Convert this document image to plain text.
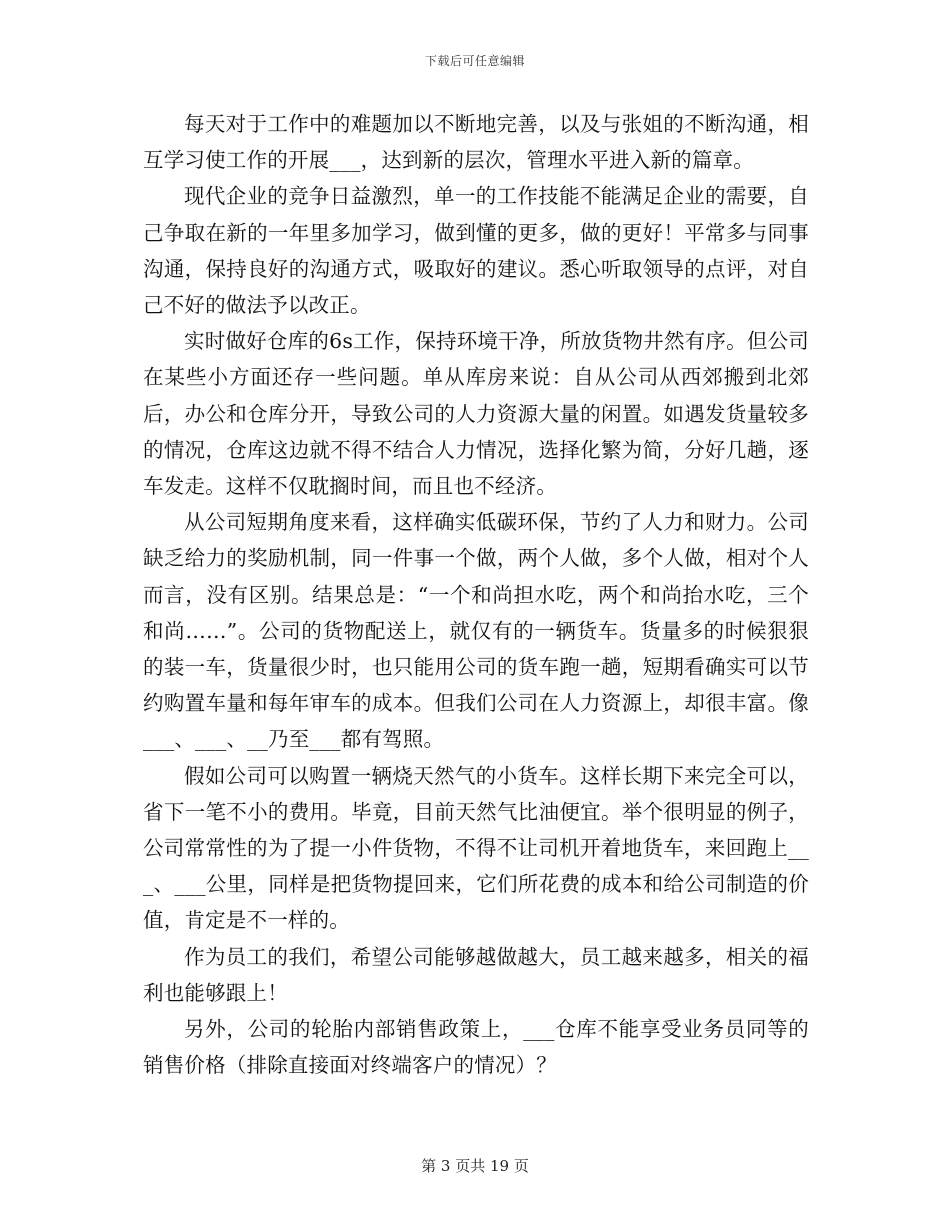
下载后可任意编辑

每天对于工作中的难题加以不断地完善，以及与张姐的不断沟通，相互学习使工作的开展___，达到新的层次，管理水平进入新的篇章。

现代企业的竞争日益激烈，单一的工作技能不能满足企业的需要，自己争取在新的一年里多加学习，做到懂的更多，做的更好！平常多与同事沟通，保持良好的沟通方式，吸取好的建议。悉心听取领导的点评，对自己不好的做法予以改正。

实时做好仓库的6s工作，保持环境干净，所放货物井然有序。但公司在某些小方面还存一些问题。单从库房来说：自从公司从西郊搬到北郊后，办公和仓库分开，导致公司的人力资源大量的闲置。如遇发货量较多的情况，仓库这边就不得不结合人力情况，选择化繁为简，分好几趟，逐车发走。这样不仅耽搁时间，而且也不经济。

从公司短期角度来看，这样确实低碳环保，节约了人力和财力。公司缺乏给力的奖励机制，同一件事一个做，两个人做，多个人做，相对个人而言，没有区别。结果总是：“一个和尚担水吃，两个和尚抬水吃，三个和尚……”。公司的货物配送上，就仅有的一辆货车。货量多的时候狠狠的装一车，货量很少时，也只能用公司的货车跑一趟，短期看确实可以节约购置车量和每年审车的成本。但我们公司在人力资源上，却很丰富。像___、___、__乃至___都有驾照。

假如公司可以购置一辆烧天然气的小货车。这样长期下来完全可以，省下一笔不小的费用。毕竟，目前天然气比油便宜。举个很明显的例子，公司常常性的为了提一小件货物，不得不让司机开着地货车，来回跑上___、___公里，同样是把货物提回来，它们所花费的成本和给公司制造的价值，肯定是不一样的。

作为员工的我们，希望公司能够越做越大，员工越来越多，相关的福利也能够跟上！

另外，公司的轮胎内部销售政策上，___仓库不能享受业务员同等的销售价格（排除直接面对终端客户的情况）？

第 3 页共 19 页
